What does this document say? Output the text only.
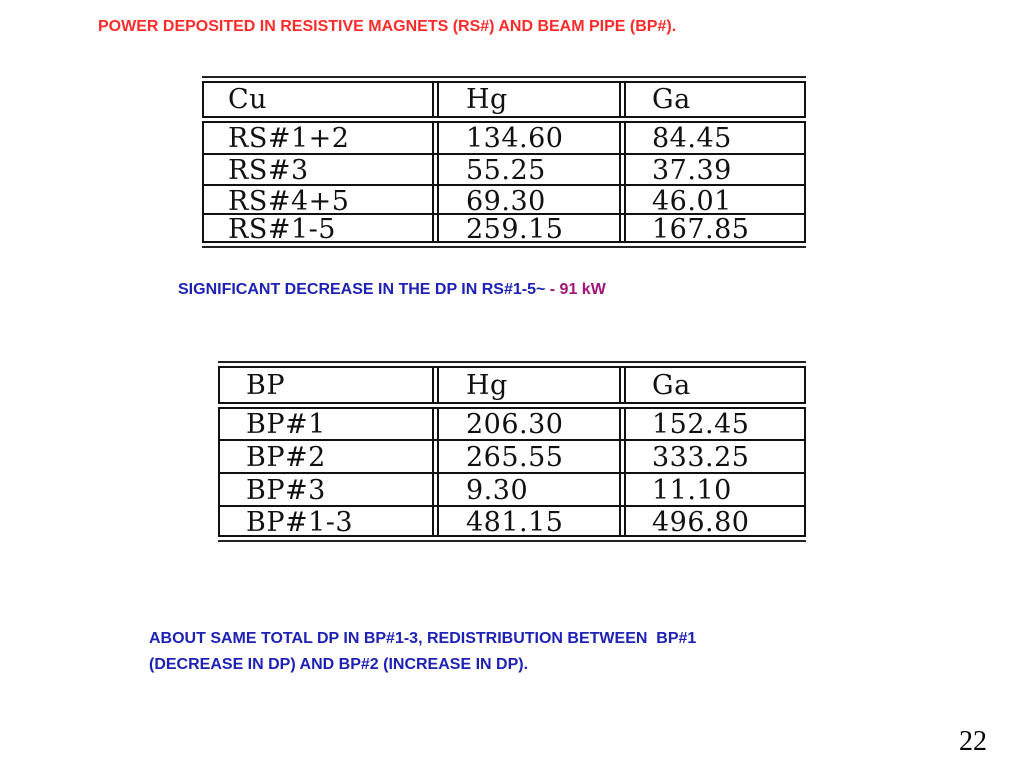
POWER DEPOSITED IN RESISTIVE MAGNETS (RS#) AND BEAM PIPE (BP#).
Cu	Hg	Ga
RS#1+2	134.60	84.45
RS#3	55.25	37.39
RS#4+5	69.30	46.01
RS#1-5	259.15	167.85
SIGNIFICANT DECREASE IN THE DP IN RS#1-5~ - 91 kW
BP	Hg	Ga
BP#1	206.30	152.45
BP#2	265.55	333.25
BP#3	9.30	11.10
BP#1-3	481.15	496.80
ABOUT SAME TOTAL DP IN BP#1-3, REDISTRIBUTION BETWEEN  BP#1
(DECREASE IN DP) AND BP#2 (INCREASE IN DP).
22
